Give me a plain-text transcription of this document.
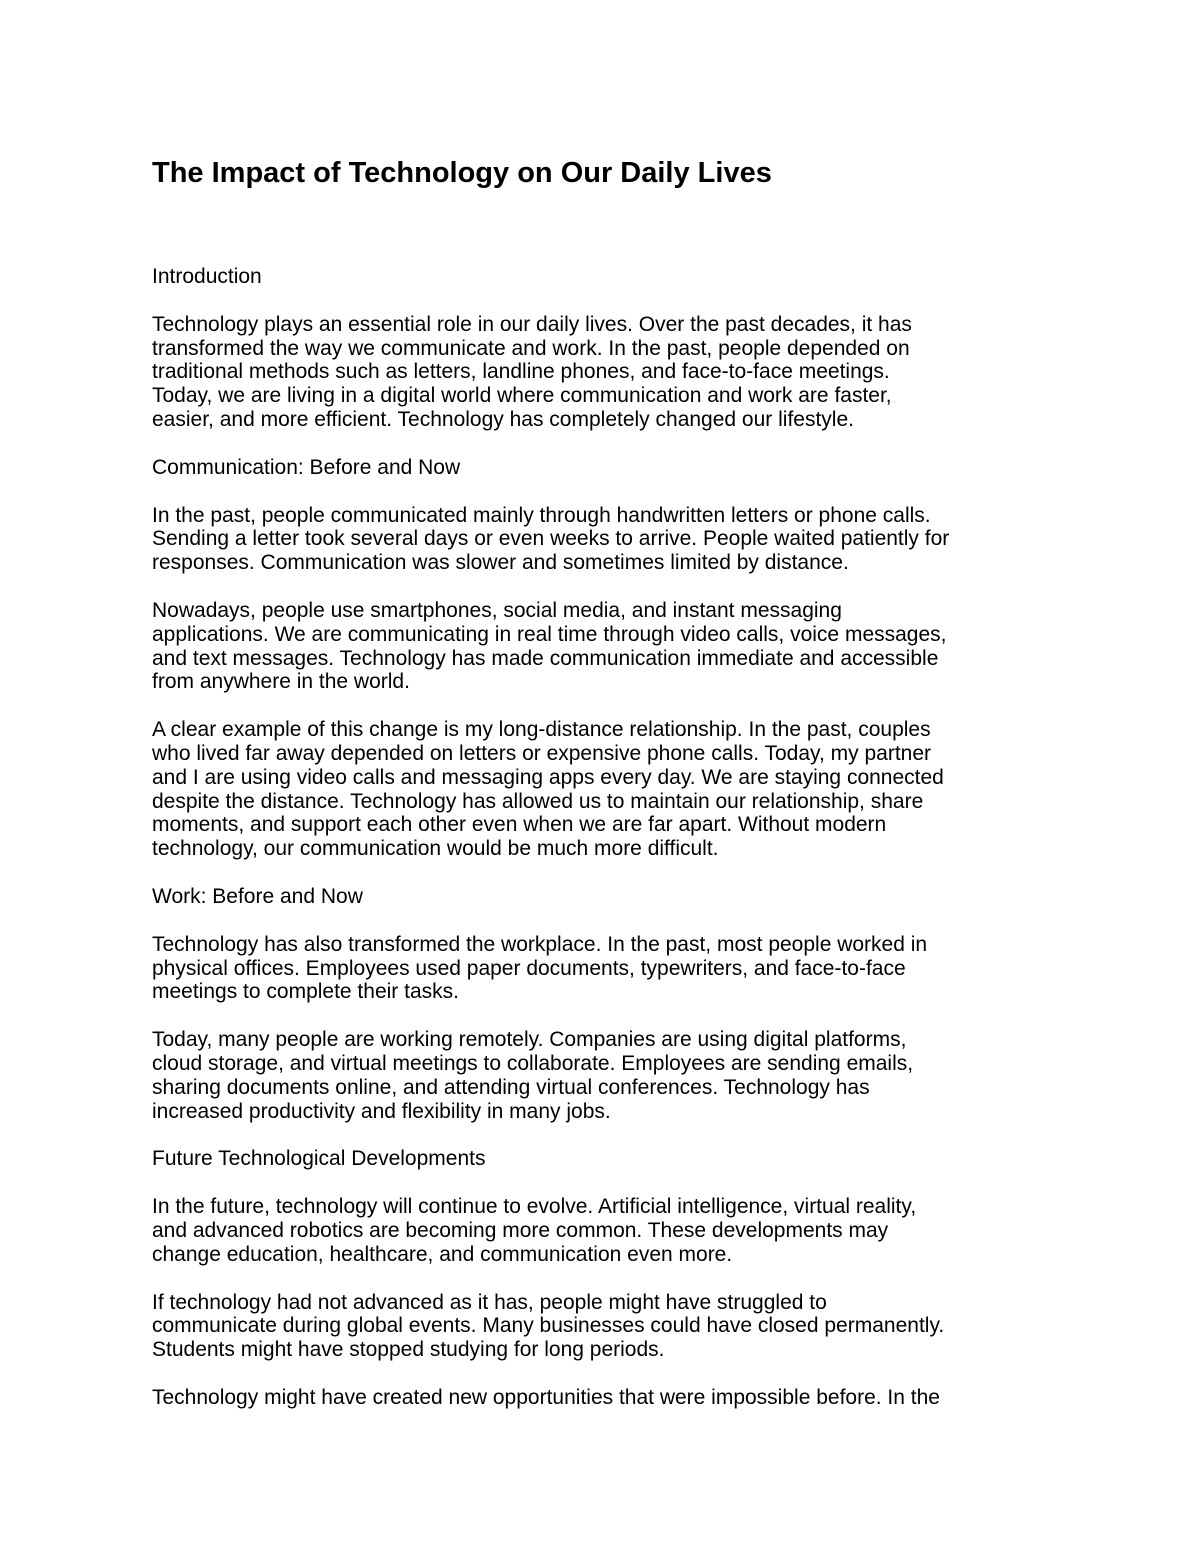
The Impact of Technology on Our Daily Lives
Introduction

Technology plays an essential role in our daily lives. Over the past decades, it has
transformed the way we communicate and work. In the past, people depended on
traditional methods such as letters, landline phones, and face-to-face meetings.
Today, we are living in a digital world where communication and work are faster,
easier, and more efficient. Technology has completely changed our lifestyle.

Communication: Before and Now

In the past, people communicated mainly through handwritten letters or phone calls.
Sending a letter took several days or even weeks to arrive. People waited patiently for
responses. Communication was slower and sometimes limited by distance.

Nowadays, people use smartphones, social media, and instant messaging
applications. We are communicating in real time through video calls, voice messages,
and text messages. Technology has made communication immediate and accessible
from anywhere in the world.

A clear example of this change is my long-distance relationship. In the past, couples
who lived far away depended on letters or expensive phone calls. Today, my partner
and I are using video calls and messaging apps every day. We are staying connected
despite the distance. Technology has allowed us to maintain our relationship, share
moments, and support each other even when we are far apart. Without modern
technology, our communication would be much more difficult.

Work: Before and Now

Technology has also transformed the workplace. In the past, most people worked in
physical offices. Employees used paper documents, typewriters, and face-to-face
meetings to complete their tasks.

Today, many people are working remotely. Companies are using digital platforms,
cloud storage, and virtual meetings to collaborate. Employees are sending emails,
sharing documents online, and attending virtual conferences. Technology has
increased productivity and flexibility in many jobs.

Future Technological Developments

In the future, technology will continue to evolve. Artificial intelligence, virtual reality,
and advanced robotics are becoming more common. These developments may
change education, healthcare, and communication even more.

If technology had not advanced as it has, people might have struggled to
communicate during global events. Many businesses could have closed permanently.
Students might have stopped studying for long periods.

Technology might have created new opportunities that were impossible before. In the
